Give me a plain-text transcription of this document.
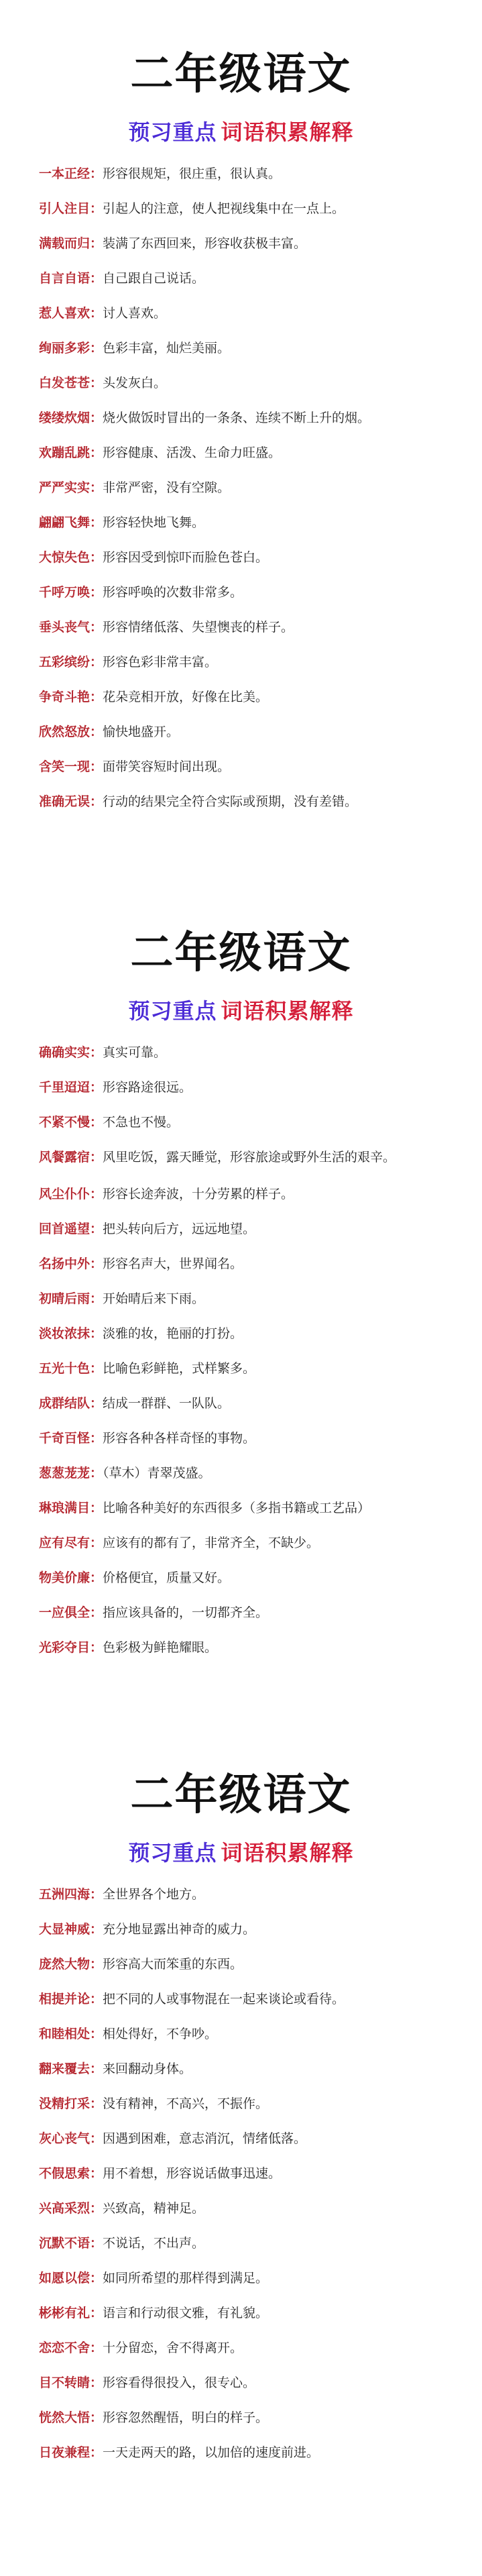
二年级语文
预习重点 词语积累解释
一本正经：形容很规矩，很庄重，很认真。
引人注目：引起人的注意，使人把视线集中在一点上。
满载而归：装满了东西回来，形容收获极丰富。
自言自语：自己跟自己说话。
惹人喜欢：讨人喜欢。
绚丽多彩：色彩丰富，灿烂美丽。
白发苍苍：头发灰白。
缕缕炊烟：烧火做饭时冒出的一条条、连续不断上升的烟。
欢蹦乱跳：形容健康、活泼、生命力旺盛。
严严实实：非常严密，没有空隙。
翩翩飞舞：形容轻快地飞舞。
大惊失色：形容因受到惊吓而脸色苍白。
千呼万唤：形容呼唤的次数非常多。
垂头丧气：形容情绪低落、失望懊丧的样子。
五彩缤纷：形容色彩非常丰富。
争奇斗艳：花朵竞相开放，好像在比美。
欣然怒放：愉快地盛开。
含笑一现：面带笑容短时间出现。
准确无误：行动的结果完全符合实际或预期，没有差错。
二年级语文
预习重点 词语积累解释
确确实实：真实可靠。
千里迢迢：形容路途很远。
不紧不慢：不急也不慢。
风餐露宿：风里吃饭，露天睡觉，形容旅途或野外生活的艰辛。
风尘仆仆：形容长途奔波，十分劳累的样子。
回首遥望：把头转向后方，远远地望。
名扬中外：形容名声大，世界闻名。
初晴后雨：开始晴后来下雨。
淡妆浓抹：淡雅的妆，艳丽的打扮。
五光十色：比喻色彩鲜艳，式样繁多。
成群结队：结成一群群、一队队。
千奇百怪：形容各种各样奇怪的事物。
葱葱茏茏：（草木）青翠茂盛。
琳琅满目：比喻各种美好的东西很多（多指书籍或工艺品）
应有尽有：应该有的都有了，非常齐全，不缺少。
物美价廉：价格便宜，质量又好。
一应俱全：指应该具备的，一切都齐全。
光彩夺目：色彩极为鲜艳耀眼。
二年级语文
预习重点 词语积累解释
五洲四海：全世界各个地方。
大显神威：充分地显露出神奇的威力。
庞然大物：形容高大而笨重的东西。
相提并论：把不同的人或事物混在一起来谈论或看待。
和睦相处：相处得好，不争吵。
翻来覆去：来回翻动身体。
没精打采：没有精神，不高兴，不振作。
灰心丧气：因遇到困难，意志消沉，情绪低落。
不假思索：用不着想，形容说话做事迅速。
兴高采烈：兴致高，精神足。
沉默不语：不说话，不出声。
如愿以偿：如同所希望的那样得到满足。
彬彬有礼：语言和行动很文雅，有礼貌。
恋恋不舍：十分留恋，舍不得离开。
目不转睛：形容看得很投入，很专心。
恍然大悟：形容忽然醒悟，明白的样子。
日夜兼程：一天走两天的路，以加倍的速度前进。
